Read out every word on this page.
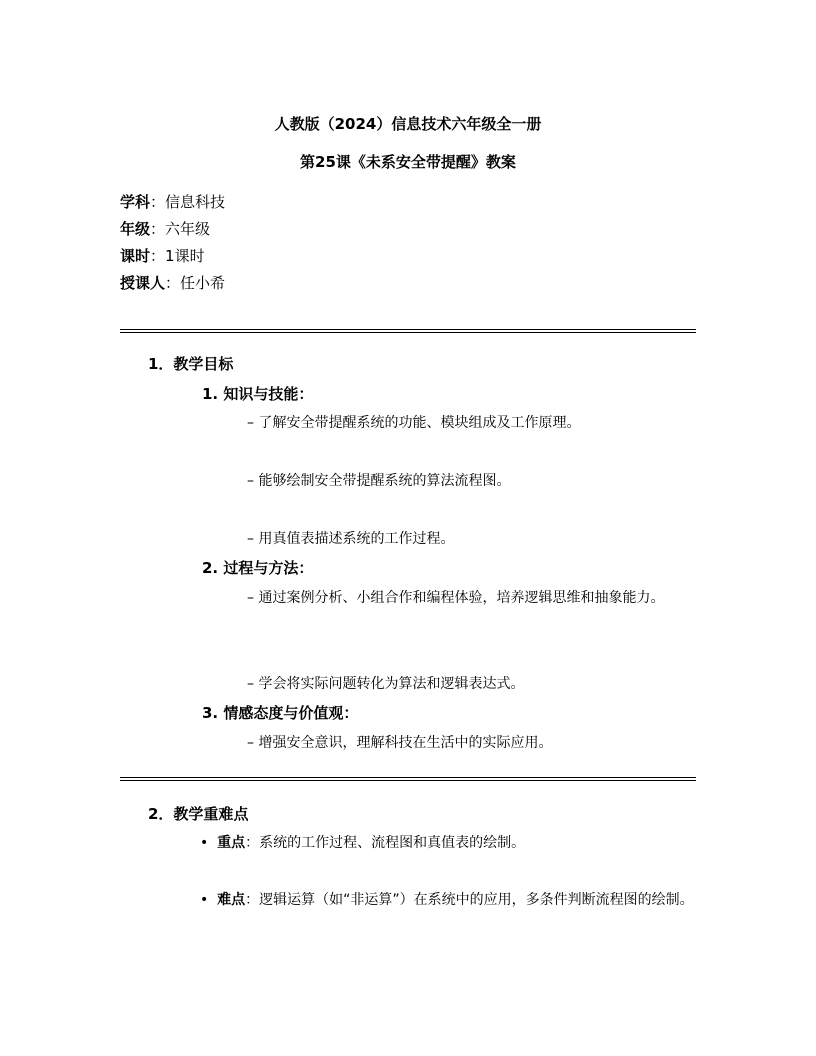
人教版（2024）信息技术六年级全一册
第25课《未系安全带提醒》教案
学科：信息科技
年级：六年级
课时：1课时
授课人：任小希
1．教学目标
1. 知识与技能：
– 了解安全带提醒系统的功能、模块组成及工作原理。
– 能够绘制安全带提醒系统的算法流程图。
– 用真值表描述系统的工作过程。
2. 过程与方法：
– 通过案例分析、小组合作和编程体验，培养逻辑思维和抽象能力。
– 学会将实际问题转化为算法和逻辑表达式。
3. 情感态度与价值观：
– 增强安全意识，理解科技在生活中的实际应用。
2．教学重难点
• 重点：系统的工作过程、流程图和真值表的绘制。
• 难点：逻辑运算（如“非运算”）在系统中的应用，多条件判断流程图的绘制。
